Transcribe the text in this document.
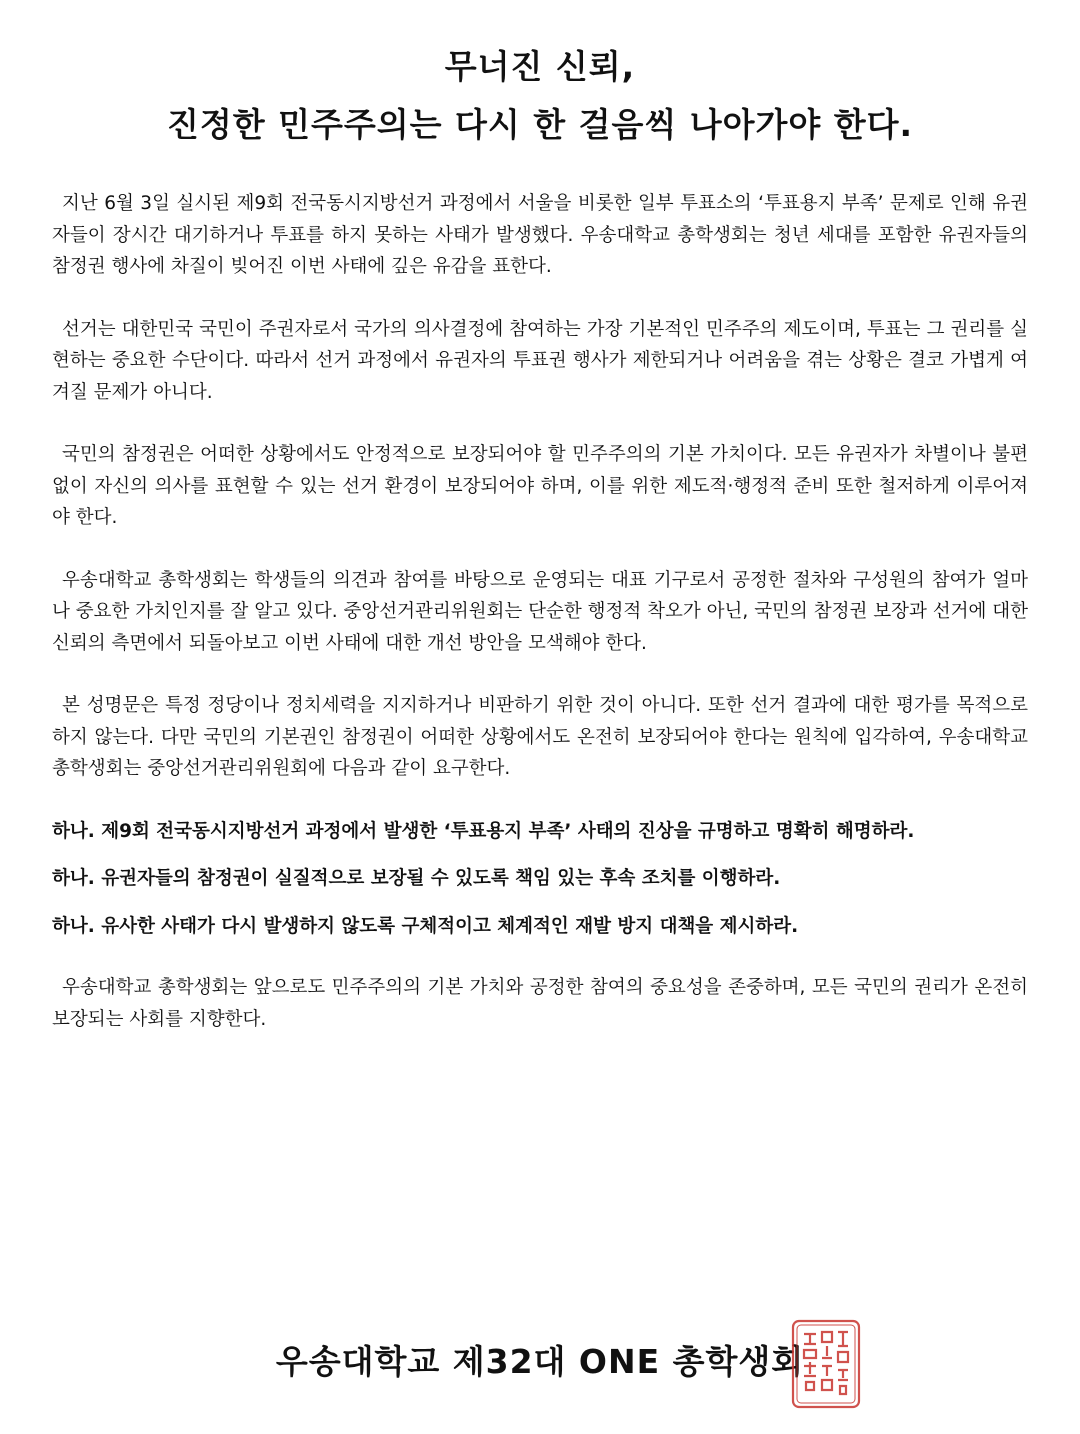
무너진 신뢰,
진정한 민주주의는 다시 한 걸음씩 나아가야 한다.

지난 6월 3일 실시된 제9회 전국동시지방선거 과정에서 서울을 비롯한 일부 투표소의 ‘투표용지 부족’ 문제로 인해 유권자들이 장시간 대기하거나 투표를 하지 못하는 사태가 발생했다. 우송대학교 총학생회는 청년 세대를 포함한 유권자들의 참정권 행사에 차질이 빚어진 이번 사태에 깊은 유감을 표한다.

선거는 대한민국 국민이 주권자로서 국가의 의사결정에 참여하는 가장 기본적인 민주주의 제도이며, 투표는 그 권리를 실현하는 중요한 수단이다. 따라서 선거 과정에서 유권자의 투표권 행사가 제한되거나 어려움을 겪는 상황은 결코 가볍게 여겨질 문제가 아니다.

국민의 참정권은 어떠한 상황에서도 안정적으로 보장되어야 할 민주주의의 기본 가치이다. 모든 유권자가 차별이나 불편 없이 자신의 의사를 표현할 수 있는 선거 환경이 보장되어야 하며, 이를 위한 제도적·행정적 준비 또한 철저하게 이루어져야 한다.

우송대학교 총학생회는 학생들의 의견과 참여를 바탕으로 운영되는 대표 기구로서 공정한 절차와 구성원의 참여가 얼마나 중요한 가치인지를 잘 알고 있다. 중앙선거관리위원회는 단순한 행정적 착오가 아닌, 국민의 참정권 보장과 선거에 대한 신뢰의 측면에서 되돌아보고 이번 사태에 대한 개선 방안을 모색해야 한다.

본 성명문은 특정 정당이나 정치세력을 지지하거나 비판하기 위한 것이 아니다. 또한 선거 결과에 대한 평가를 목적으로 하지 않는다. 다만 국민의 기본권인 참정권이 어떠한 상황에서도 온전히 보장되어야 한다는 원칙에 입각하여, 우송대학교 총학생회는 중앙선거관리위원회에 다음과 같이 요구한다.

하나. 제9회 전국동시지방선거 과정에서 발생한 ‘투표용지 부족’ 사태의 진상을 규명하고 명확히 해명하라.

하나. 유권자들의 참정권이 실질적으로 보장될 수 있도록 책임 있는 후속 조치를 이행하라.

하나. 유사한 사태가 다시 발생하지 않도록 구체적이고 체계적인 재발 방지 대책을 제시하라.

우송대학교 총학생회는 앞으로도 민주주의의 기본 가치와 공정한 참여의 중요성을 존중하며, 모든 국민의 권리가 온전히 보장되는 사회를 지향한다.

우송대학교 제32대 ONE 총학생회
